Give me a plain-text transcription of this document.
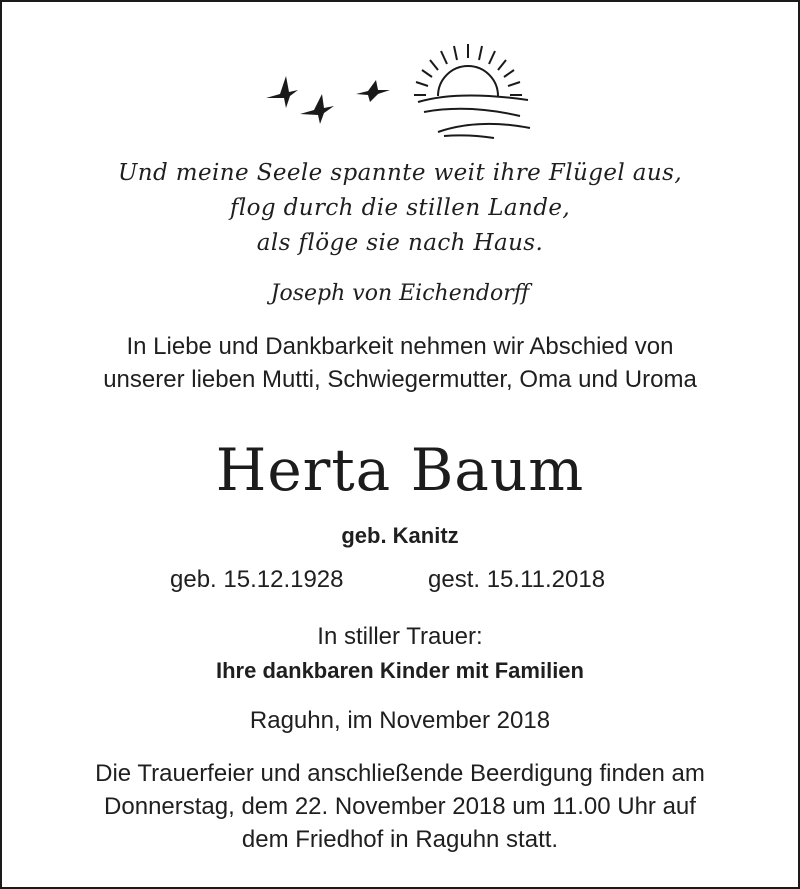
Und meine Seele spannte weit ihre Flügel aus,
flog durch die stillen Lande,
als flöge sie nach Haus.
Joseph von Eichendorff
In Liebe und Dankbarkeit nehmen wir Abschied von
unserer lieben Mutti, Schwiegermutter, Oma und Uroma
Herta Baum
geb. Kanitz
geb. 15.12.1928	gest. 15.11.2018
In stiller Trauer:
Ihre dankbaren Kinder mit Familien
Raguhn, im November 2018
Die Trauerfeier und anschließende Beerdigung finden am
Donnerstag, dem 22. November 2018 um 11.00 Uhr auf
dem Friedhof in Raguhn statt.
